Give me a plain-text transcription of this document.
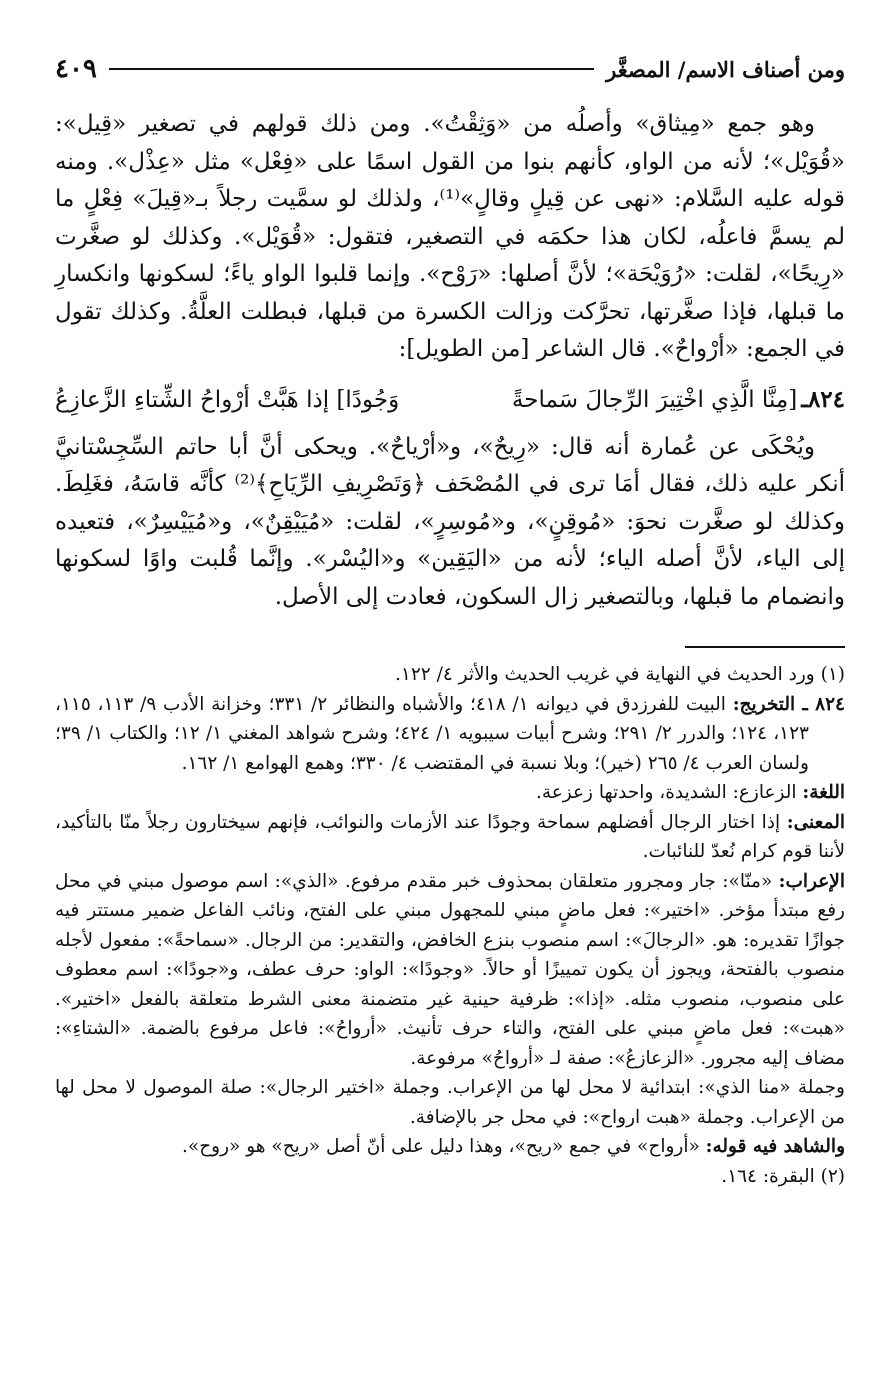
ومن أصناف الاسم/ المصغَّر
٤٠٩

وهو جمع «مِيثاق» وأصلُه من «وَثِقْتُ». ومن ذلك قولهم في تصغير «قِيل»: «قُوَيْل»؛ لأنه من الواو، كأنهم بنوا من القول اسمًا على «فِعْل» مثل «عِذْل». ومنه قوله عليه السَّلام: «نهى عن قِيلٍ وقالٍ»⁽¹⁾، ولذلك لو سمَّيت رجلاً بـ«قِيلَ» فِعْلٍ ما لم يسمَّ فاعلُه، لكان هذا حكمَه في التصغير، فتقول: «قُوَيْل». وكذلك لو صغَّرت «رِيحًا»، لقلت: «رُوَيْحَة»؛ لأنَّ أصلها: «رَوْح». وإنما قلبوا الواو ياءً؛ لسكونها وانكسارِ ما قبلها، فإذا صغَّرتها، تحرَّكت وزالت الكسرة من قبلها، فبطلت العلَّةُ. وكذلك تقول في الجمع: «أرْواحٌ». قال الشاعر [من الطويل]:

٨٢٤ـ[مِنَّا الَّذِي اخْتِيرَ الرِّجالَ سَماحةً
وَجُودًا] إذا هَبَّتْ أرْواحُ الشِّتاءِ الزَّعازِعُ

ويُحْكَى عن عُمارة أنه قال: «رِيحٌ»، و«أرْياحٌ». ويحكى أنَّ أبا حاتم السِّجِسْتانيَّ أنكر عليه ذلك، فقال أمَا ترى في المُصْحَف ﴿وَتَصْرِيفِ الرِّيَاحِ﴾⁽²⁾ كأنَّه قاسَهُ، فغَلِطَ. وكذلك لو صغَّرت نحوَ: «مُوقِنٍ»، و«مُوسِرٍ»، لقلت: «مُيَيْقِنٌ»، و«مُيَيْسِرٌ»، فتعيده إلى الياء، لأنَّ أصله الياء؛ لأنه من «اليَقِين» و«اليُسْر». وإنَّما قُلبت واوًا لسكونها وانضمام ما قبلها، وبالتصغير زال السكون، فعادت إلى الأصل.

(١) ورد الحديث في النهاية في غريب الحديث والأثر ٤/ ١٢٢.

٨٢٤ ـ التخريج: البيت للفرزدق في ديوانه ١/ ٤١٨؛ والأشباه والنظائر ٢/ ٣٣١؛ وخزانة الأدب ٩/ ١١٣، ١١٥، ١٢٣، ١٢٤؛ والدرر ٢/ ٢٩١؛ وشرح أبيات سيبويه ١/ ٤٢٤؛ وشرح شواهد المغني ١/ ١٢؛ والكتاب ١/ ٣٩؛ ولسان العرب ٤/ ٢٦٥ (خير)؛ وبلا نسبة في المقتضب ٤/ ٣٣٠؛ وهمع الهوامع ١/ ١٦٢.

اللغة: الزعازع: الشديدة، واحدتها زعزعة.

المعنى: إذا اختار الرجال أفضلهم سماحة وجودًا عند الأزمات والنوائب، فإنهم سيختارون رجلاً منّا بالتأكيد، لأننا قوم كرام نُعدّ للنائبات.

الإعراب: «منّا»: جار ومجرور متعلقان بمحذوف خبر مقدم مرفوع. «الذي»: اسم موصول مبني في محل رفع مبتدأ مؤخر. «اختير»: فعل ماضٍ مبني للمجهول مبني على الفتح، ونائب الفاعل ضمير مستتر فيه جوازًا تقديره: هو. «الرجالَ»: اسم منصوب بنزع الخافض، والتقدير: من الرجال. «سماحةً»: مفعول لأجله منصوب بالفتحة، ويجوز أن يكون تمييزًا أو حالاً. «وجودًا»: الواو: حرف عطف، و«جودًا»: اسم معطوف على منصوب، منصوب مثله. «إذا»: ظرفية حينية غير متضمنة معنى الشرط متعلقة بالفعل «اختير». «هبت»: فعل ماضٍ مبني على الفتح، والتاء حرف تأنيث. «أرواحُ»: فاعل مرفوع بالضمة. «الشتاءِ»: مضاف إليه مجرور. «الزعازعُ»: صفة لـ «أرواحُ» مرفوعة.

وجملة «منا الذي»: ابتدائية لا محل لها من الإعراب. وجملة «اختير الرجال»: صلة الموصول لا محل لها من الإعراب. وجملة «هبت ارواح»: في محل جر بالإضافة.

والشاهد فيه قوله: «أرواح» في جمع «ريح»، وهذا دليل على أنّ أصل «ريح» هو «روح».

(٢) البقرة: ١٦٤.
